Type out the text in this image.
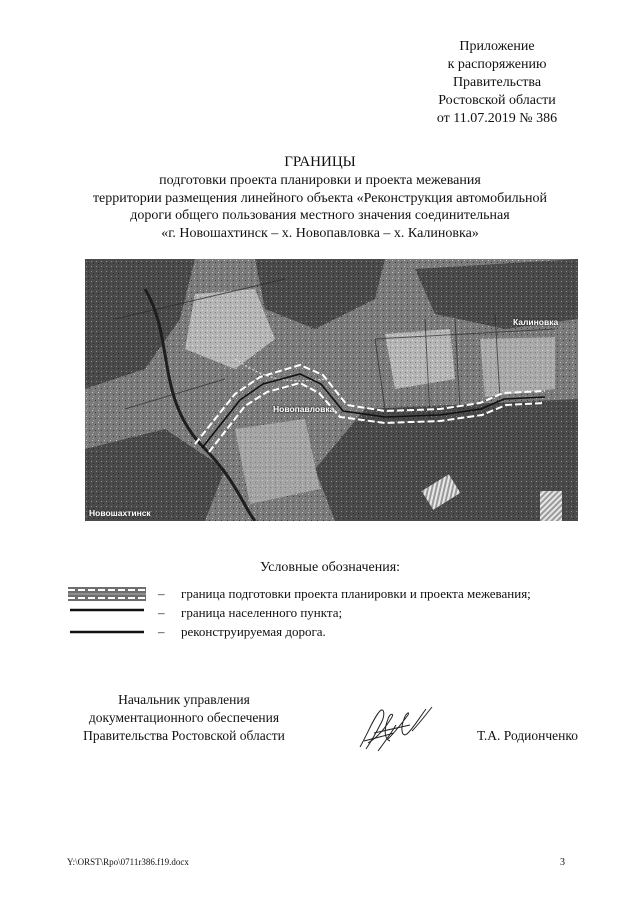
Приложение
к распоряжению
Правительства
Ростовской области
от 11.07.2019 № 386
ГРАНИЦЫ
подготовки проекта планировки и проекта межевания
территории размещения линейного объекта «Реконструкция автомобильной
дороги общего пользования местного значения соединительная
«г. Новошахтинск – х. Новопавловка – х. Калиновка»
Калиновка
Новопавловка
Новошахтинск
Условные обозначения:
– граница подготовки проекта планировки и проекта межевания;
– граница населенного пункта;
– реконструируемая дорога.
Начальник управления
документационного обеспечения
Правительства Ростовской области	Т.А. Родионченко
Y:\ORST\Rpo\0711r386.f19.docx	3
